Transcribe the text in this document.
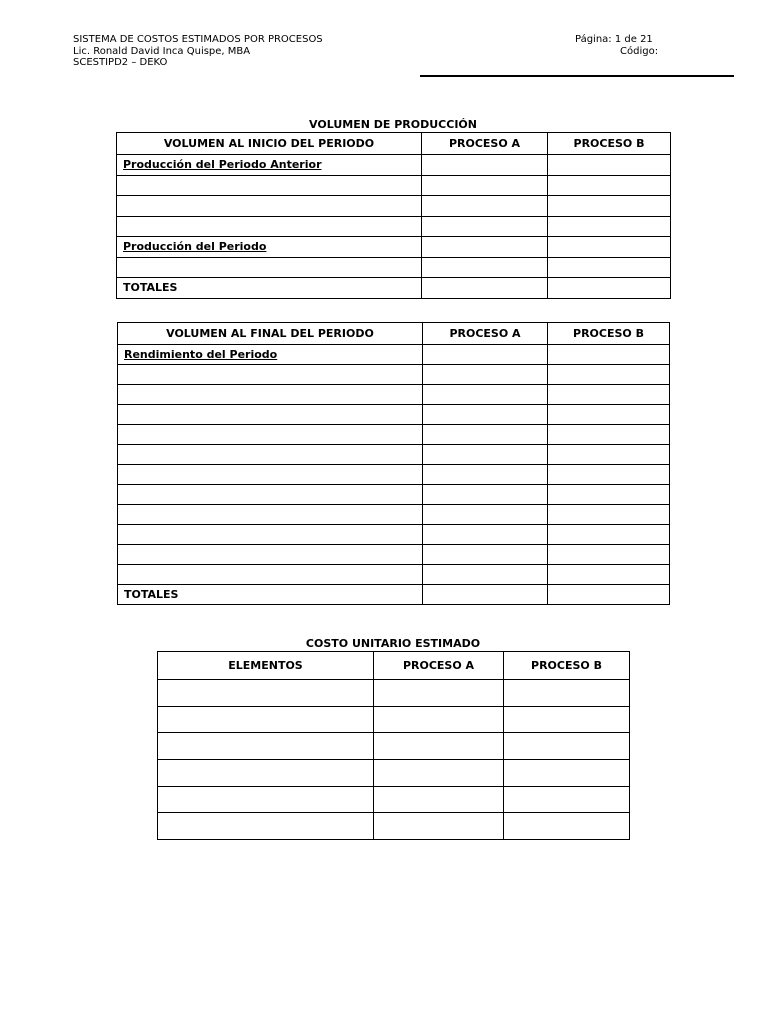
SISTEMA DE COSTOS ESTIMADOS POR PROCESOS
Lic. Ronald David Inca Quispe, MBA
SCESTIPD2 – DEKO
Página: 1 de 21
Código:
VOLUMEN DE PRODUCCIÓN
VOLUMEN AL INICIO DEL PERIODO	PROCESO A	PROCESO B
Producción del Periodo Anterior		

Producción del Periodo		

TOTALES		
VOLUMEN AL FINAL DEL PERIODO	PROCESO A	PROCESO B
Rendimiento del Periodo		

TOTALES		
COSTO UNITARIO ESTIMADO
ELEMENTOS	PROCESO A	PROCESO B
